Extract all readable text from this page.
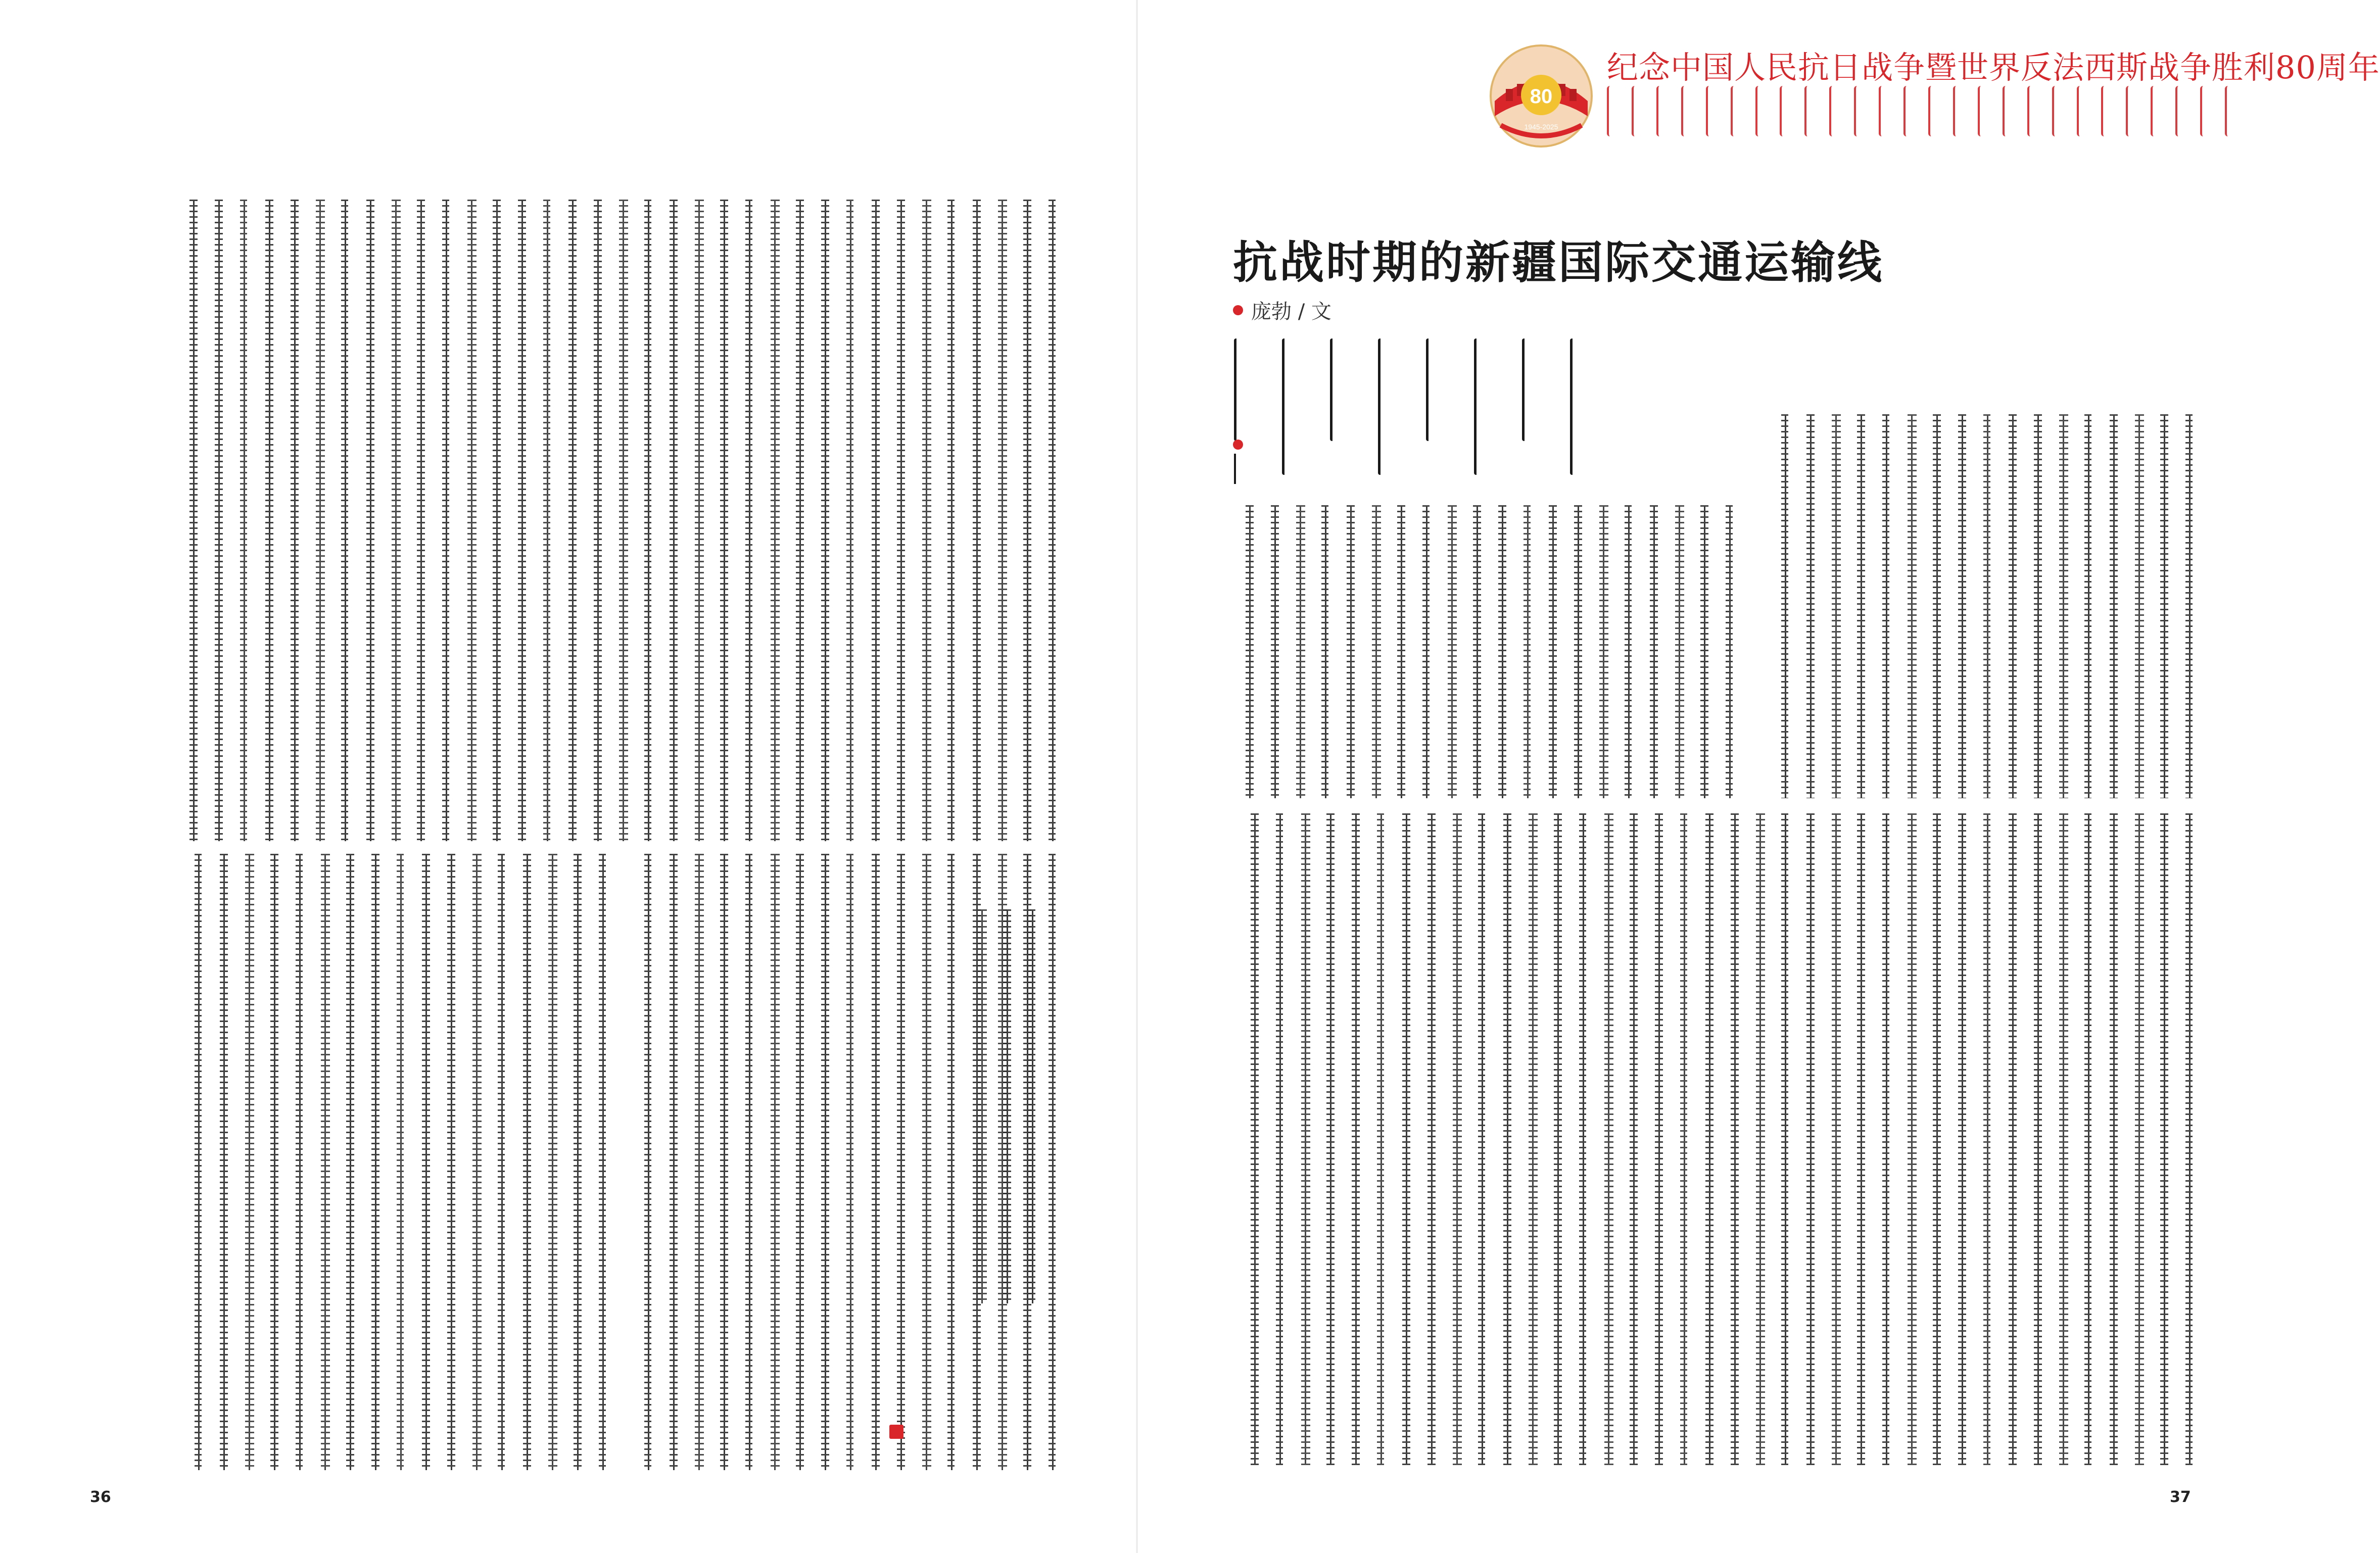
36	37
80
1945-2025
纪念中国人民抗日战争暨世界反法西斯战争胜利80周年
抗战时期的新疆国际交通运输线
庞勃 / 文
